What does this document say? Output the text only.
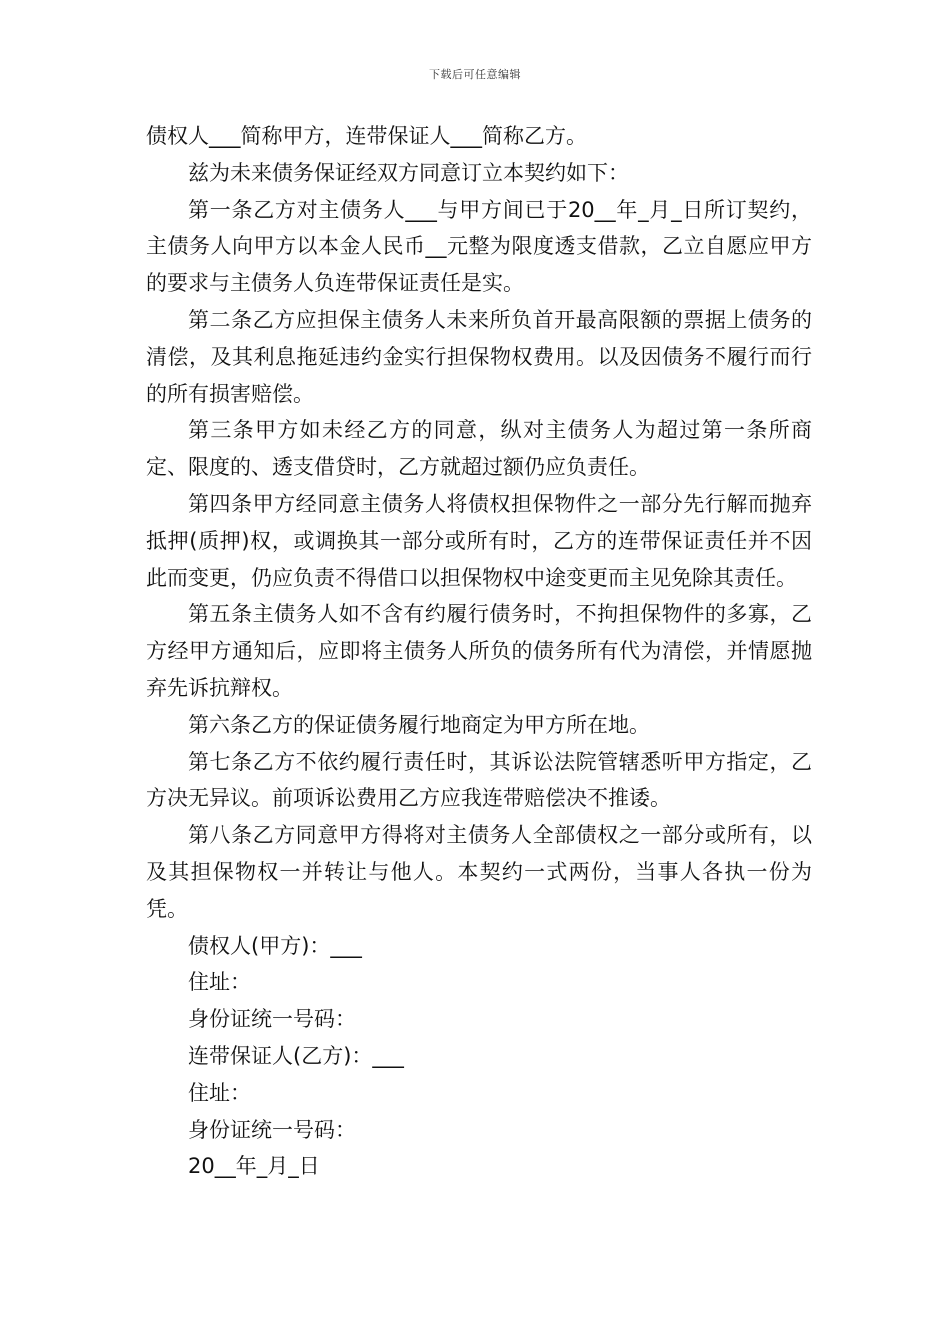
下载后可任意编辑

债权人___简称甲方，连带保证人___简称乙方。

兹为未来债务保证经双方同意订立本契约如下：

第一条乙方对主债务人___与甲方间已于20__年_月_日所订契约，主债务人向甲方以本金人民币__元整为限度透支借款，乙立自愿应甲方的要求与主债务人负连带保证责任是实。

第二条乙方应担保主债务人未来所负首开最高限额的票据上债务的清偿，及其利息拖延违约金实行担保物权费用。以及因债务不履行而行的所有损害赔偿。

第三条甲方如未经乙方的同意，纵对主债务人为超过第一条所商定、限度的、透支借贷时，乙方就超过额仍应负责任。

第四条甲方经同意主债务人将债权担保物件之一部分先行解而抛弃抵押(质押)权，或调换其一部分或所有时，乙方的连带保证责任并不因此而变更，仍应负责不得借口以担保物权中途变更而主见免除其责任。

第五条主债务人如不含有约履行债务时，不拘担保物件的多寡，乙方经甲方通知后，应即将主债务人所负的债务所有代为清偿，并情愿抛弃先诉抗辩权。

第六条乙方的保证债务履行地商定为甲方所在地。

第七条乙方不依约履行责任时，其诉讼法院管辖悉听甲方指定，乙方决无异议。前项诉讼费用乙方应我连带赔偿决不推诿。

第八条乙方同意甲方得将对主债务人全部债权之一部分或所有，以及其担保物权一并转让与他人。本契约一式两份，当事人各执一份为凭。

债权人(甲方)：___

住址：

身份证统一号码：

连带保证人(乙方)：___

住址：

身份证统一号码：

20__年_月_日
